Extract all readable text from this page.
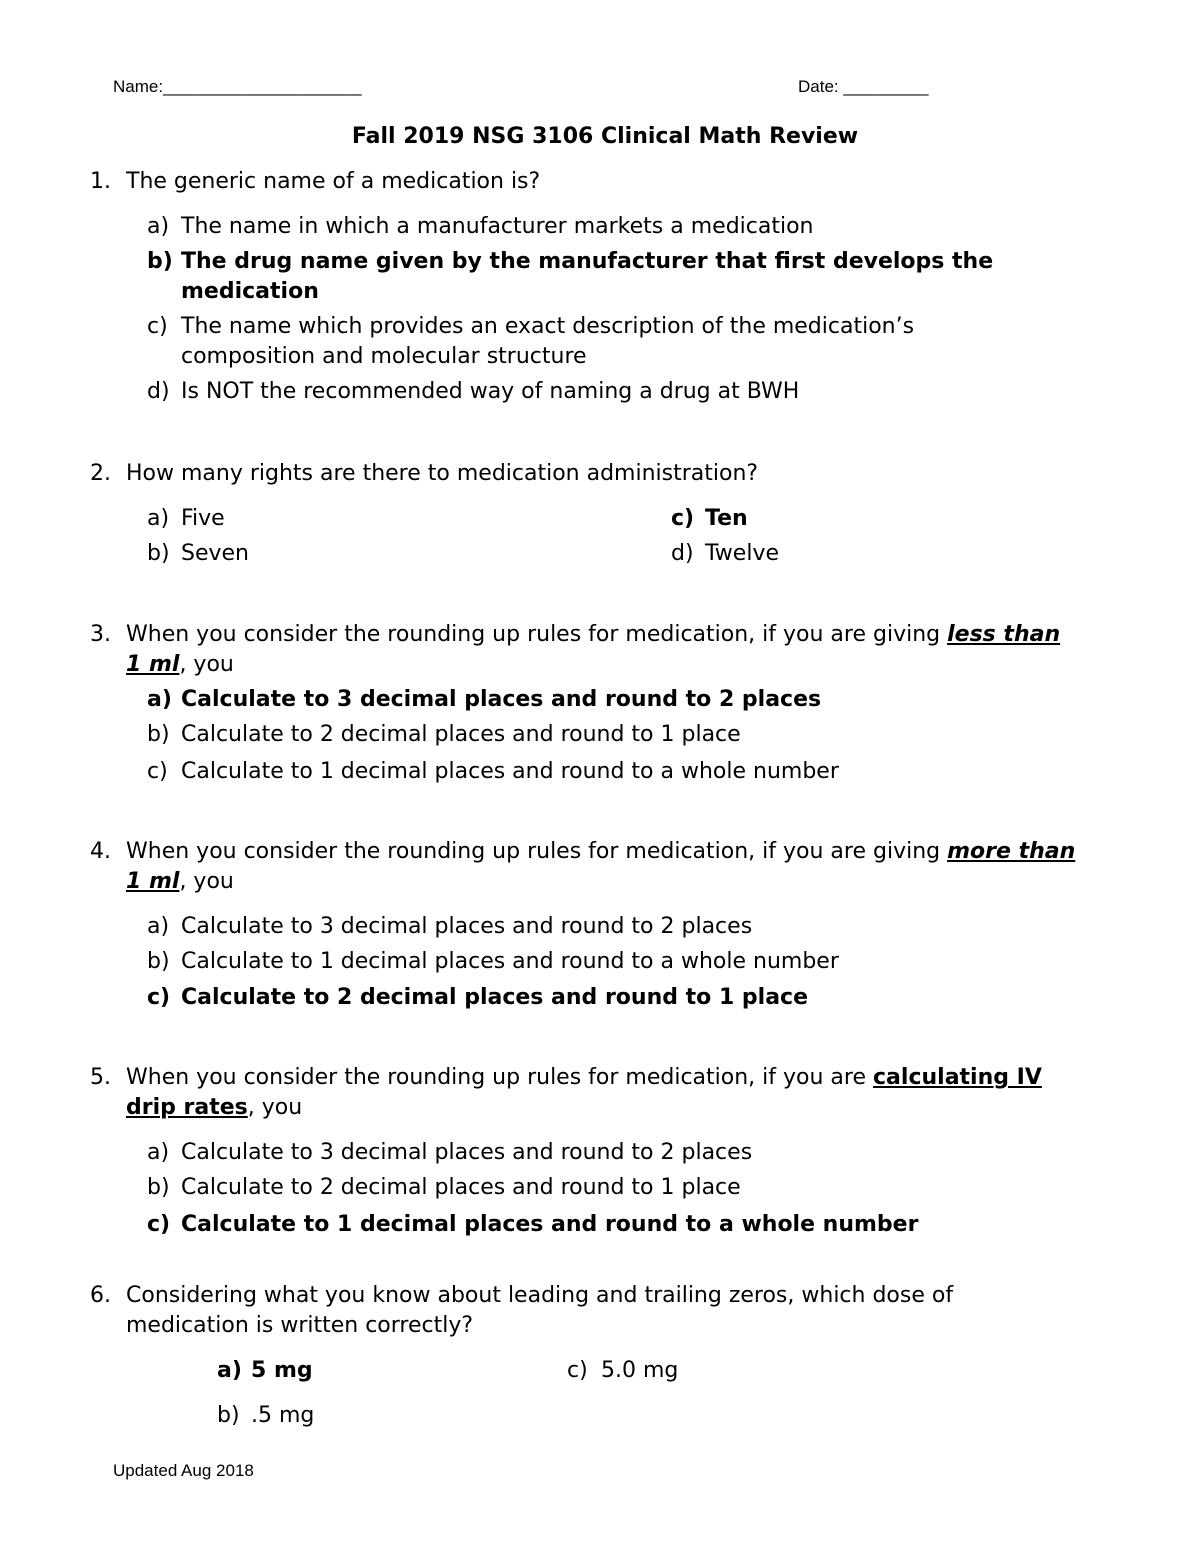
Name:_____________________	Date: _________
Fall 2019 NSG 3106 Clinical Math Review
1. The generic name of a medication is?
a) The name in which a manufacturer markets a medication
b) The drug name given by the manufacturer that first develops the medication
c) The name which provides an exact description of the medication’s composition and molecular structure
d) Is NOT the recommended way of naming a drug at BWH
2. How many rights are there to medication administration?
a) Five
b) Seven
c) Ten
d) Twelve
3. When you consider the rounding up rules for medication, if you are giving less than 1 ml, you
a) Calculate to 3 decimal places and round to 2 places
b) Calculate to 2 decimal places and round to 1 place
c) Calculate to 1 decimal places and round to a whole number
4. When you consider the rounding up rules for medication, if you are giving more than 1 ml, you
a) Calculate to 3 decimal places and round to 2 places
b) Calculate to 1 decimal places and round to a whole number
c) Calculate to 2 decimal places and round to 1 place
5. When you consider the rounding up rules for medication, if you are calculating IV drip rates, you
a) Calculate to 3 decimal places and round to 2 places
b) Calculate to 2 decimal places and round to 1 place
c) Calculate to 1 decimal places and round to a whole number
6. Considering what you know about leading and trailing zeros, which dose of medication is written correctly?
a) 5 mg	c) 5.0 mg
b) .5 mg
Updated Aug 2018
